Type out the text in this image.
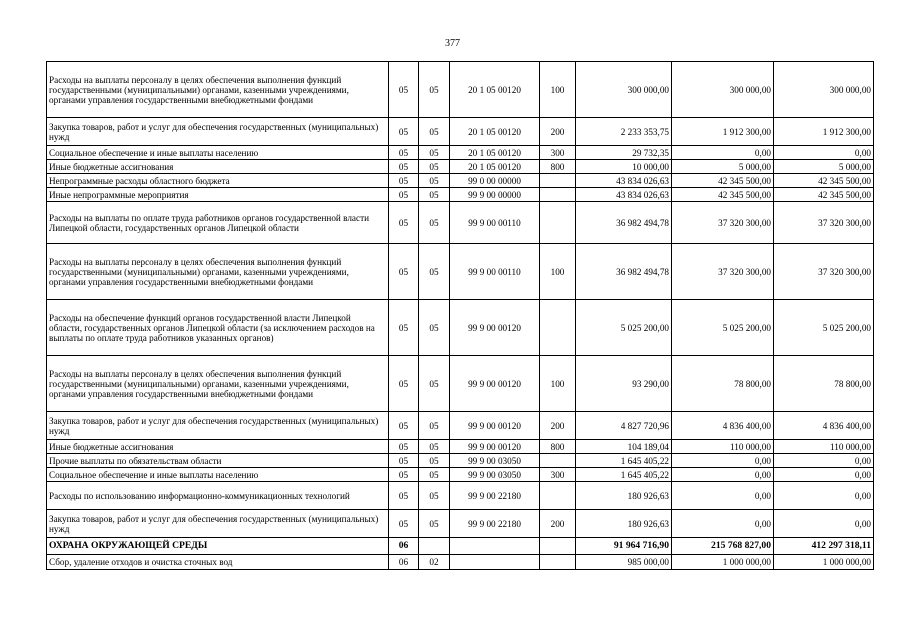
377
Расходы на выплаты персоналу в целях обеспечения выполнения функций государственными (муниципальными) органами, казенными учреждениями, органами управления государственными внебюджетными фондами	05	05	20 1 05 00120	100	300 000,00	300 000,00	300 000,00
Закупка товаров, работ и услуг для обеспечения государственных (муниципальных) нужд	05	05	20 1 05 00120	200	2 233 353,75	1 912 300,00	1 912 300,00
Социальное обеспечение и иные выплаты населению	05	05	20 1 05 00120	300	29 732,35	0,00	0,00
Иные бюджетные ассигнования	05	05	20 1 05 00120	800	10 000,00	5 000,00	5 000,00
Непрограммные расходы областного бюджета	05	05	99 0 00 00000		43 834 026,63	42 345 500,00	42 345 500,00
Иные непрограммные мероприятия	05	05	99 9 00 00000		43 834 026,63	42 345 500,00	42 345 500,00
Расходы на выплаты по оплате труда работников органов государственной власти Липецкой области, государственных органов Липецкой области	05	05	99 9 00 00110		36 982 494,78	37 320 300,00	37 320 300,00
Расходы на выплаты персоналу в целях обеспечения выполнения функций государственными (муниципальными) органами, казенными учреждениями, органами управления государственными внебюджетными фондами	05	05	99 9 00 00110	100	36 982 494,78	37 320 300,00	37 320 300,00
Расходы на обеспечение функций органов государственной власти Липецкой области, государственных органов Липецкой области (за исключением расходов на выплаты по оплате труда работников указанных органов)	05	05	99 9 00 00120		5 025 200,00	5 025 200,00	5 025 200,00
Расходы на выплаты персоналу в целях обеспечения выполнения функций государственными (муниципальными) органами, казенными учреждениями, органами управления государственными внебюджетными фондами	05	05	99 9 00 00120	100	93 290,00	78 800,00	78 800,00
Закупка товаров, работ и услуг для обеспечения государственных (муниципальных) нужд	05	05	99 9 00 00120	200	4 827 720,96	4 836 400,00	4 836 400,00
Иные бюджетные ассигнования	05	05	99 9 00 00120	800	104 189,04	110 000,00	110 000,00
Прочие выплаты по обязательствам области	05	05	99 9 00 03050		1 645 405,22	0,00	0,00
Социальное обеспечение и иные выплаты населению	05	05	99 9 00 03050	300	1 645 405,22	0,00	0,00
Расходы по использованию информационно-коммуникационных технологий	05	05	99 9 00 22180		180 926,63	0,00	0,00
Закупка товаров, работ и услуг для обеспечения государственных (муниципальных) нужд	05	05	99 9 00 22180	200	180 926,63	0,00	0,00
ОХРАНА ОКРУЖАЮЩЕЙ СРЕДЫ	06				91 964 716,90	215 768 827,00	412 297 318,11
Сбор, удаление отходов и очистка сточных вод	06	02			985 000,00	1 000 000,00	1 000 000,00
